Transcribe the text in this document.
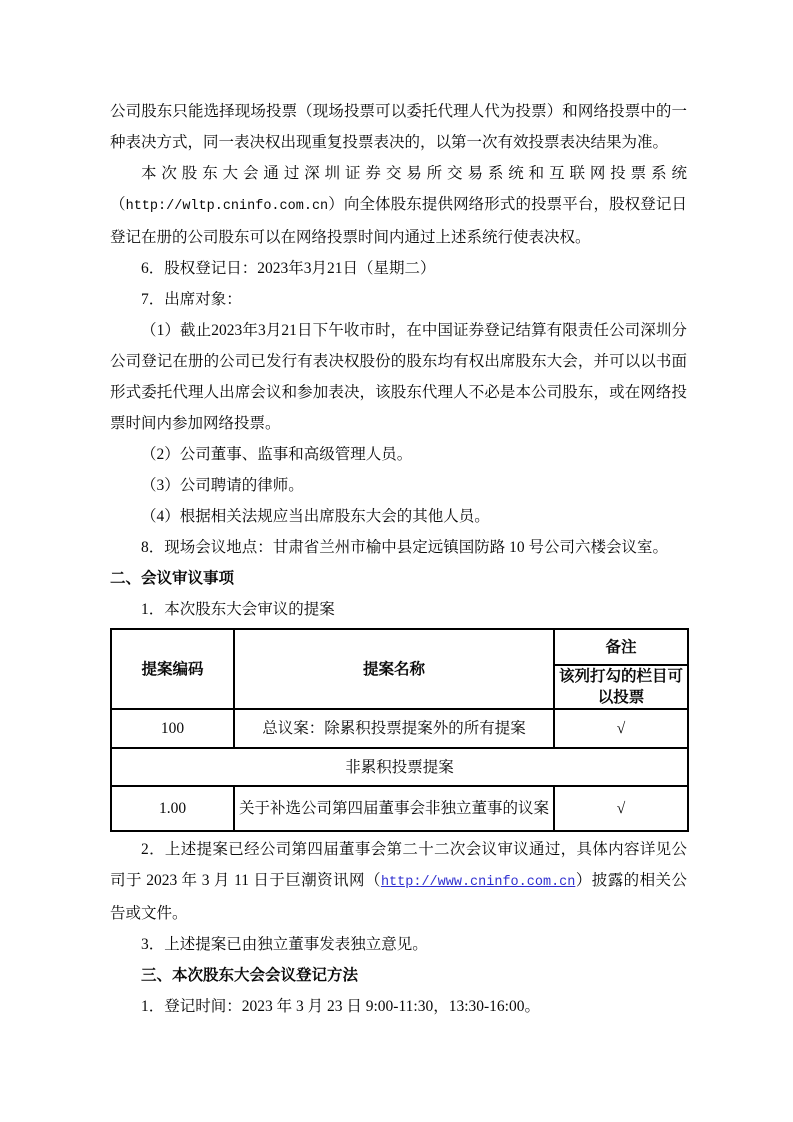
公司股东只能选择现场投票（现场投票可以委托代理人代为投票）和网络投票中的一种表决方式，同一表决权出现重复投票表决的，以第一次有效投票表决结果为准。

本次股东大会通过深圳证券交易所交易系统和互联网投票系统（http://wltp.cninfo.com.cn）向全体股东提供网络形式的投票平台，股权登记日登记在册的公司股东可以在网络投票时间内通过上述系统行使表决权。

6．股权登记日：2023年3月21日（星期二）

7．出席对象：

（1）截止2023年3月21日下午收市时，在中国证券登记结算有限责任公司深圳分公司登记在册的公司已发行有表决权股份的股东均有权出席股东大会，并可以以书面形式委托代理人出席会议和参加表决，该股东代理人不必是本公司股东，或在网络投票时间内参加网络投票。

（2）公司董事、监事和高级管理人员。

（3）公司聘请的律师。

（4）根据相关法规应当出席股东大会的其他人员。

8．现场会议地点：甘肃省兰州市榆中县定远镇国防路 10 号公司六楼会议室。

二、会议审议事项

1．本次股东大会审议的提案

提案编码	提案名称	备注
		该列打勾的栏目可以投票
100	总议案：除累积投票提案外的所有提案	√
非累积投票提案		
1.00	关于补选公司第四届董事会非独立董事的议案	√

2．上述提案已经公司第四届董事会第二十二次会议审议通过，具体内容详见公司于 2023 年 3 月 11 日于巨潮资讯网（http://www.cninfo.com.cn）披露的相关公告或文件。

3．上述提案已由独立董事发表独立意见。

三、本次股东大会会议登记方法

1．登记时间：2023 年 3 月 23 日 9:00-11:30，13:30-16:00。
